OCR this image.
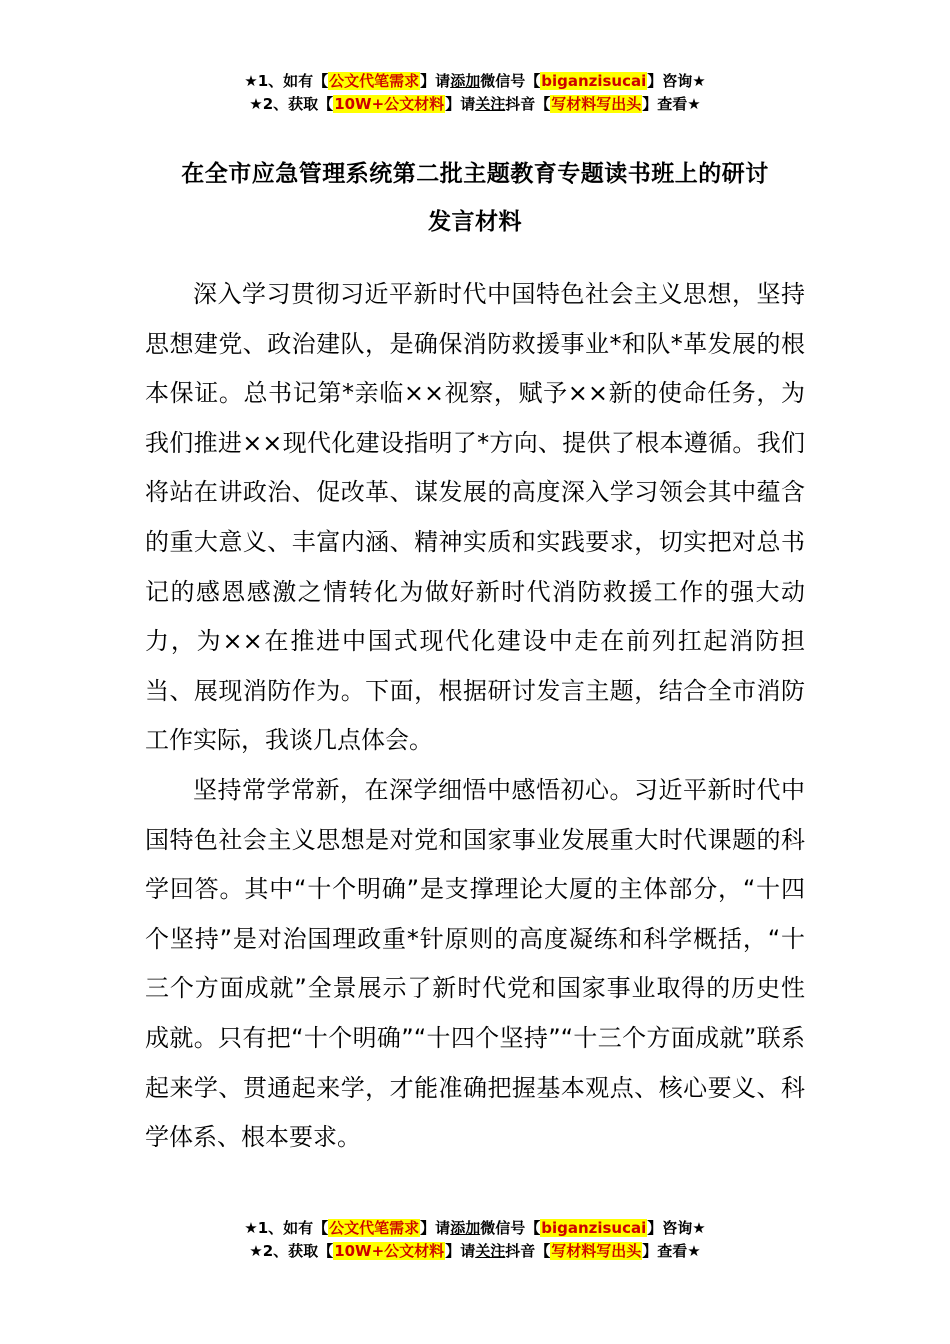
★1、如有【公文代笔需求】请添加微信号【biganzisucai】咨询★
★2、获取【10W+公文材料】请关注抖音【写材料写出头】查看★
在全市应急管理系统第二批主题教育专题读书班上的研讨
发言材料

深入学习贯彻习近平新时代中国特色社会主义思想，坚持思想建党、政治建队，是确保消防救援事业*和队*革发展的根本保证。总书记第*亲临××视察，赋予××新的使命任务，为我们推进××现代化建设指明了*方向、提供了根本遵循。我们将站在讲政治、促改革、谋发展的高度深入学习领会其中蕴含的重大意义、丰富内涵、精神实质和实践要求，切实把对总书记的感恩感激之情转化为做好新时代消防救援工作的强大动力，为××在推进中国式现代化建设中走在前列扛起消防担当、展现消防作为。下面，根据研讨发言主题，结合全市消防工作实际，我谈几点体会。

坚持常学常新，在深学细悟中感悟初心。习近平新时代中国特色社会主义思想是对党和国家事业发展重大时代课题的科学回答。其中“十个明确”是支撑理论大厦的主体部分，“十四个坚持”是对治国理政重*针原则的高度凝练和科学概括，“十三个方面成就”全景展示了新时代党和国家事业取得的历史性成就。只有把“十个明确”“十四个坚持”“十三个方面成就”联系起来学、贯通起来学，才能准确把握基本观点、核心要义、科学体系、根本要求。

★1、如有【公文代笔需求】请添加微信号【biganzisucai】咨询★
★2、获取【10W+公文材料】请关注抖音【写材料写出头】查看★
